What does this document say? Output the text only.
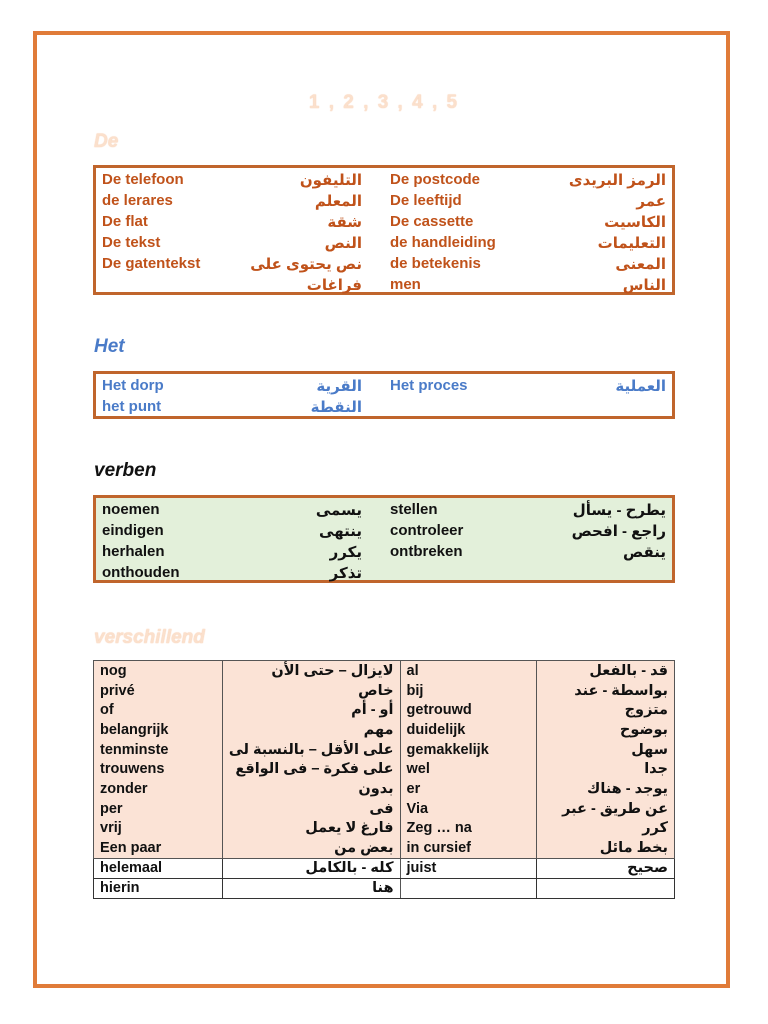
1 , 2 , 3 , 4 , 5
De
De telefoon	التليفون De postcode	الرمز البريدى
de lerares	المعلم De leeftijd	عمر
De flat	شقة De cassette	الكاسيت
De tekst	النص de handleiding	التعليمات
De gatentekst	نص يحتوى على de betekenis	المعنى
فراغات men	الناس
Het
Het dorp	القرية Het proces	العملية
het punt	النقطة
verben
noemen	يسمى stellen	يطرح - يسأل
eindigen	ينتهى controleer	راجع - افحص
herhalen	يكرر ontbreken	ينقص
onthouden	تذكر
verschillend
nog	لايزال – حتى الأن	al	قد - بالفعل
privé	خاص	bij	بواسطة - عند
of	أو - أم	getrouwd	متزوج
belangrijk	مهم	duidelijk	بوضوح
tenminste	على الأقل – بالنسبة لى	gemakkelijk	سهل
trouwens	على فكرة – فى الواقع	wel	جدا
zonder	بدون	er	يوجد - هناك
per	فى	Via	عن طريق - عبر
vrij	فارغ لا يعمل	Zeg … na	كرر
Een paar	بعض من	in cursief	بخط مائل
helemaal	كله - بالكامل	juist	صحيح
hierin	هنا		
